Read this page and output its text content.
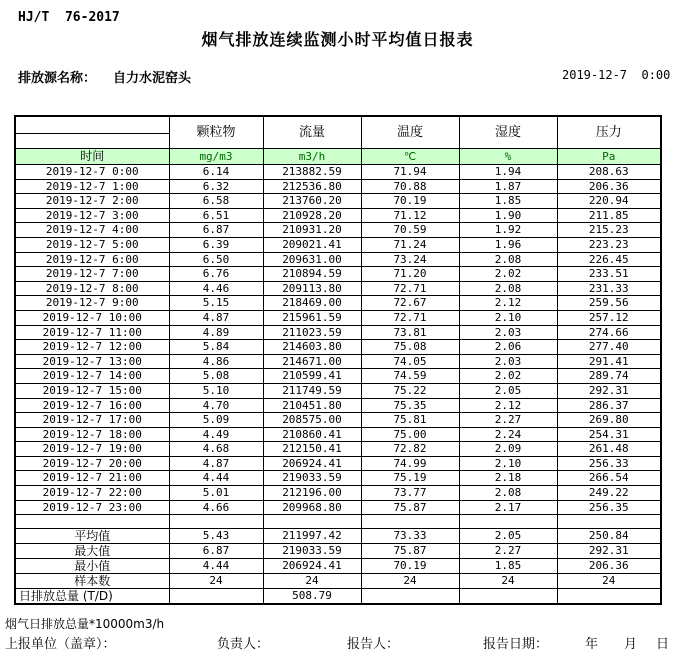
HJ/T  76-2017
烟气排放连续监测小时平均值日报表
排放源名称： 自力水泥窑头	2019-12-7  0:00
	颗粒物	流量	温度	湿度	压力
时间	mg/m3	m3/h	℃	%	Pa
2019-12-7 0:00	6.14	213882.59	71.94	1.94	208.63
2019-12-7 1:00	6.32	212536.80	70.88	1.87	206.36
2019-12-7 2:00	6.58	213760.20	70.19	1.85	220.94
2019-12-7 3:00	6.51	210928.20	71.12	1.90	211.85
2019-12-7 4:00	6.87	210931.20	70.59	1.92	215.23
2019-12-7 5:00	6.39	209021.41	71.24	1.96	223.23
2019-12-7 6:00	6.50	209631.00	73.24	2.08	226.45
2019-12-7 7:00	6.76	210894.59	71.20	2.02	233.51
2019-12-7 8:00	4.46	209113.80	72.71	2.08	231.33
2019-12-7 9:00	5.15	218469.00	72.67	2.12	259.56
2019-12-7 10:00	4.87	215961.59	72.71	2.10	257.12
2019-12-7 11:00	4.89	211023.59	73.81	2.03	274.66
2019-12-7 12:00	5.84	214603.80	75.08	2.06	277.40
2019-12-7 13:00	4.86	214671.00	74.05	2.03	291.41
2019-12-7 14:00	5.08	210599.41	74.59	2.02	289.74
2019-12-7 15:00	5.10	211749.59	75.22	2.05	292.31
2019-12-7 16:00	4.70	210451.80	75.35	2.12	286.37
2019-12-7 17:00	5.09	208575.00	75.81	2.27	269.80
2019-12-7 18:00	4.49	210860.41	75.00	2.24	254.31
2019-12-7 19:00	4.68	212150.41	72.82	2.09	261.48
2019-12-7 20:00	4.87	206924.41	74.99	2.10	256.33
2019-12-7 21:00	4.44	219033.59	75.19	2.18	266.54
2019-12-7 22:00	5.01	212196.00	73.77	2.08	249.22
2019-12-7 23:00	4.66	209968.80	75.87	2.17	256.35

平均值	5.43	211997.42	73.33	2.05	250.84
最大值	6.87	219033.59	75.87	2.27	292.31
最小值	4.44	206924.41	70.19	1.85	206.36
样本数	24	24	24	24	24
日排放总量 (T/D)		508.79			
烟气日排放总量*10000m3/h
上报单位（盖章）：	负责人：	报告人：	报告日期：	年 月 日
